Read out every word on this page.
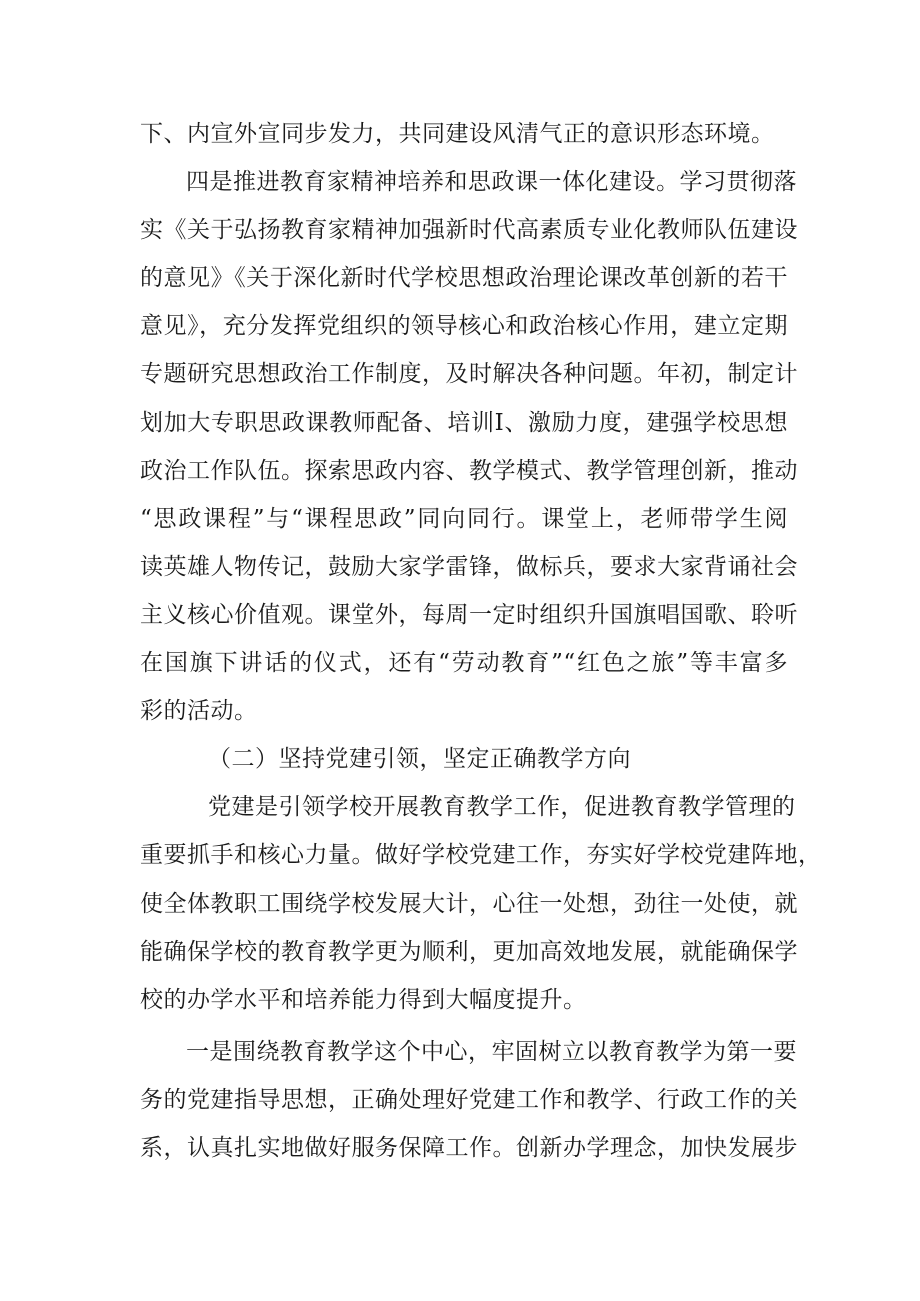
下、内宣外宣同步发力，共同建设风清气正的意识形态环境。
四是推进教育家精神培养和思政课一体化建设。学习贯彻落
实《关于弘扬教育家精神加强新时代高素质专业化教师队伍建设
的意见》《关于深化新时代学校思想政治理论课改革创新的若干
意见》，充分发挥党组织的领导核心和政治核心作用，建立定期
专题研究思想政治工作制度，及时解决各种问题。年初，制定计
划加大专职思政课教师配备、培训I、激励力度，建强学校思想
政治工作队伍。探索思政内容、教学模式、教学管理创新，推动
“思政课程”与“课程思政”同向同行。课堂上，老师带学生阅
读英雄人物传记，鼓励大家学雷锋，做标兵，要求大家背诵社会
主义核心价值观。课堂外，每周一定时组织升国旗唱国歌、聆听
在国旗下讲话的仪式，还有“劳动教育”“红色之旅”等丰富多
彩的活动。
（二）坚持党建引领，坚定正确教学方向
党建是引领学校开展教育教学工作，促进教育教学管理的
重要抓手和核心力量。做好学校党建工作，夯实好学校党建阵地，
使全体教职工围绕学校发展大计，心往一处想，劲往一处使，就
能确保学校的教育教学更为顺利，更加高效地发展，就能确保学
校的办学水平和培养能力得到大幅度提升。
一是围绕教育教学这个中心，牢固树立以教育教学为第一要
务的党建指导思想，正确处理好党建工作和教学、行政工作的关
系，认真扎实地做好服务保障工作。创新办学理念，加快发展步
